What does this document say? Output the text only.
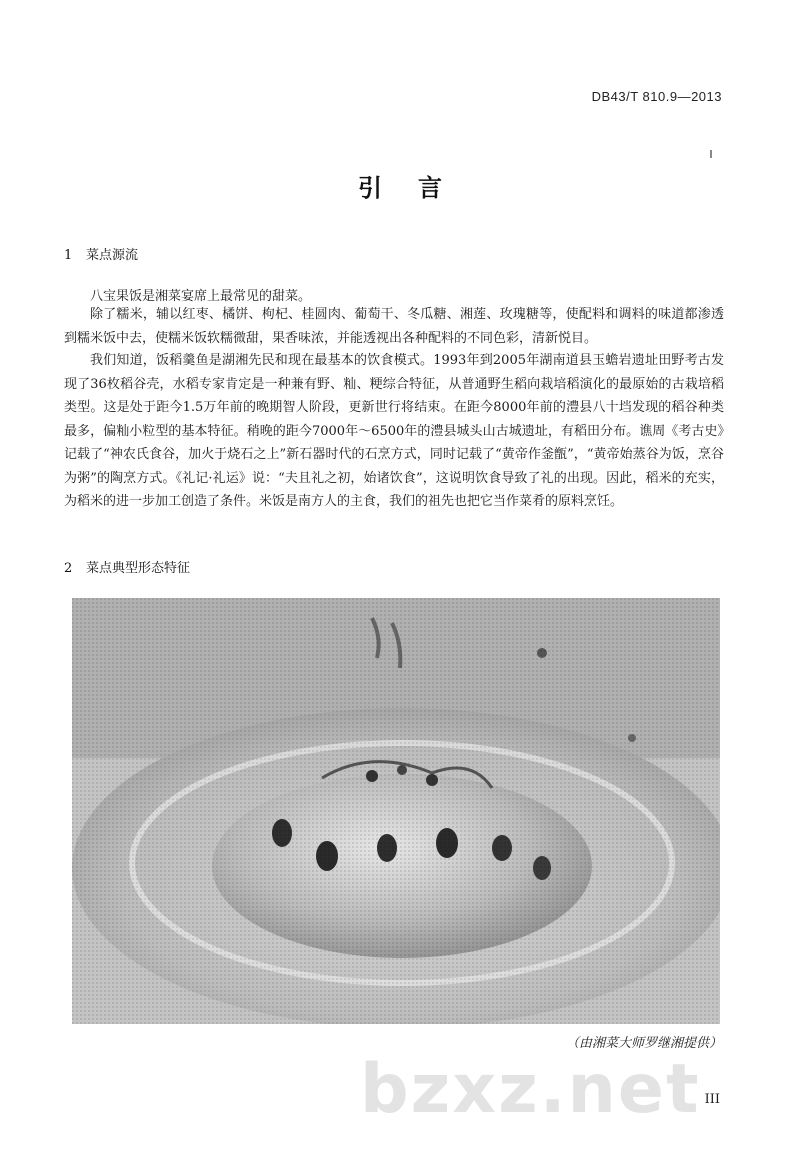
DB43/T 810.9—2013
引言
1 菜点源流

八宝果饭是湘菜宴席上最常见的甜菜。

除了糯米，辅以红枣、橘饼、枸杞、桂圆肉、葡萄干、冬瓜糖、湘莲、玫瑰糖等，使配料和调料的味道都渗透到糯米饭中去，使糯米饭软糯微甜，果香味浓，并能透视出各种配料的不同色彩，清新悦目。

我们知道，饭稻羹鱼是湖湘先民和现在最基本的饮食模式。1993年到2005年湖南道县玉蟾岩遗址田野考古发现了36枚稻谷壳，水稻专家肯定是一种兼有野、籼、粳综合特征，从普通野生稻向栽培稻演化的最原始的古栽培稻类型。这是处于距今1.5万年前的晚期智人阶段，更新世行将结束。在距今8000年前的澧县八十垱发现的稻谷种类最多，偏籼小粒型的基本特征。稍晚的距今7000年～6500年的澧县城头山古城遗址，有稻田分布。谯周《考古史》记载了“神农氏食谷，加火于烧石之上”新石器时代的石烹方式，同时记载了“黄帝作釜甑”，“黄帝始蒸谷为饭，烹谷为粥”的陶烹方式。《礼记·礼运》说：“夫且礼之初，始诸饮食”，这说明饮食导致了礼的出现。因此，稻米的充实，为稻米的进一步加工创造了条件。米饭是南方人的主食，我们的祖先也把它当作菜肴的原料烹饪。

2 菜点典型形态特征
（由湘菜大师罗继湘提供）
bzxz.net III
